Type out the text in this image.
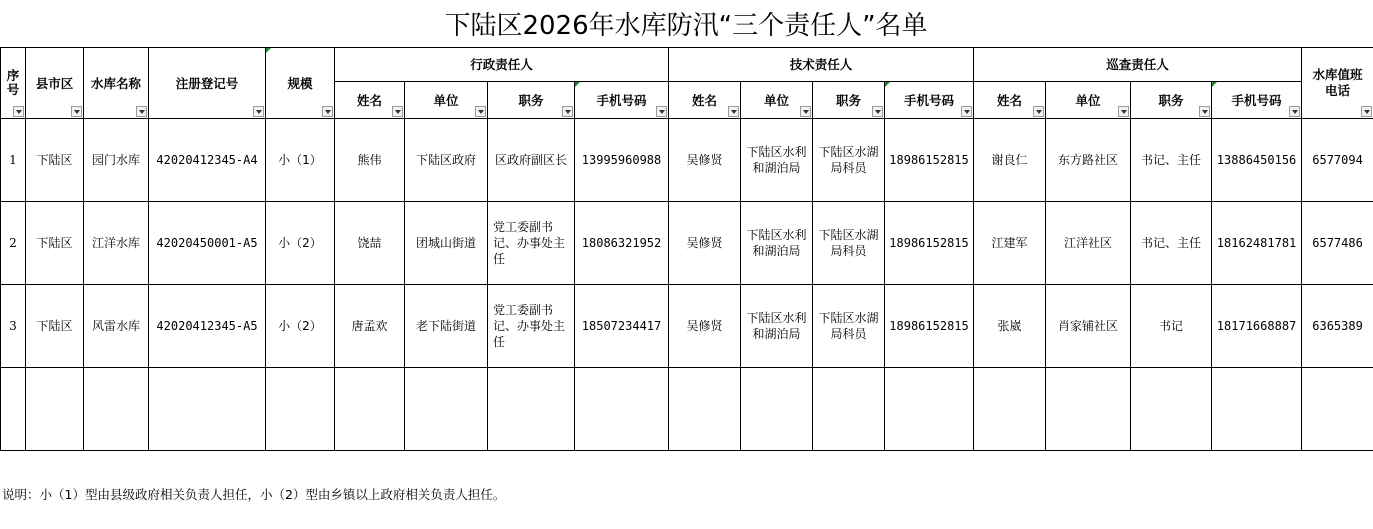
下陆区2026年水库防汛“三个责任人”名单
序号	县市区	水库名称	注册登记号	规模	行政责任人				技术责任人				巡查责任人				水库值班电话

					姓名	单位	职务	手机号码	姓名	单位	职务	手机号码	姓名	单位	职务	手机号码	

1	下陆区	园门水库	42020412345-A4	小（1）	熊伟	下陆区政府	区政府副区长	13995960988	吴修贤	下陆区水利和湖泊局	下陆区水湖局科员	18986152815	谢良仁	东方路社区	书记、主任	13886450156	6577094
2	下陆区	江洋水库	42020450001-A5	小（2）	饶喆	团城山街道	党工委副书记、办事处主任	18086321952	吴修贤	下陆区水利和湖泊局	下陆区水湖局科员	18986152815	江建军	江洋社区	书记、主任	18162481781	6577486
3	下陆区	风雷水库	42020412345-A5	小（2）	唐孟欢	老下陆街道	党工委副书记、办事处主任	18507234417	吴修贤	下陆区水利和湖泊局	下陆区水湖局科员	18986152815	张崴	肖家铺社区	书记	18171668887	6365389

说明：小（1）型由县级政府相关负责人担任，小（2）型由乡镇以上政府相关负责人担任。
